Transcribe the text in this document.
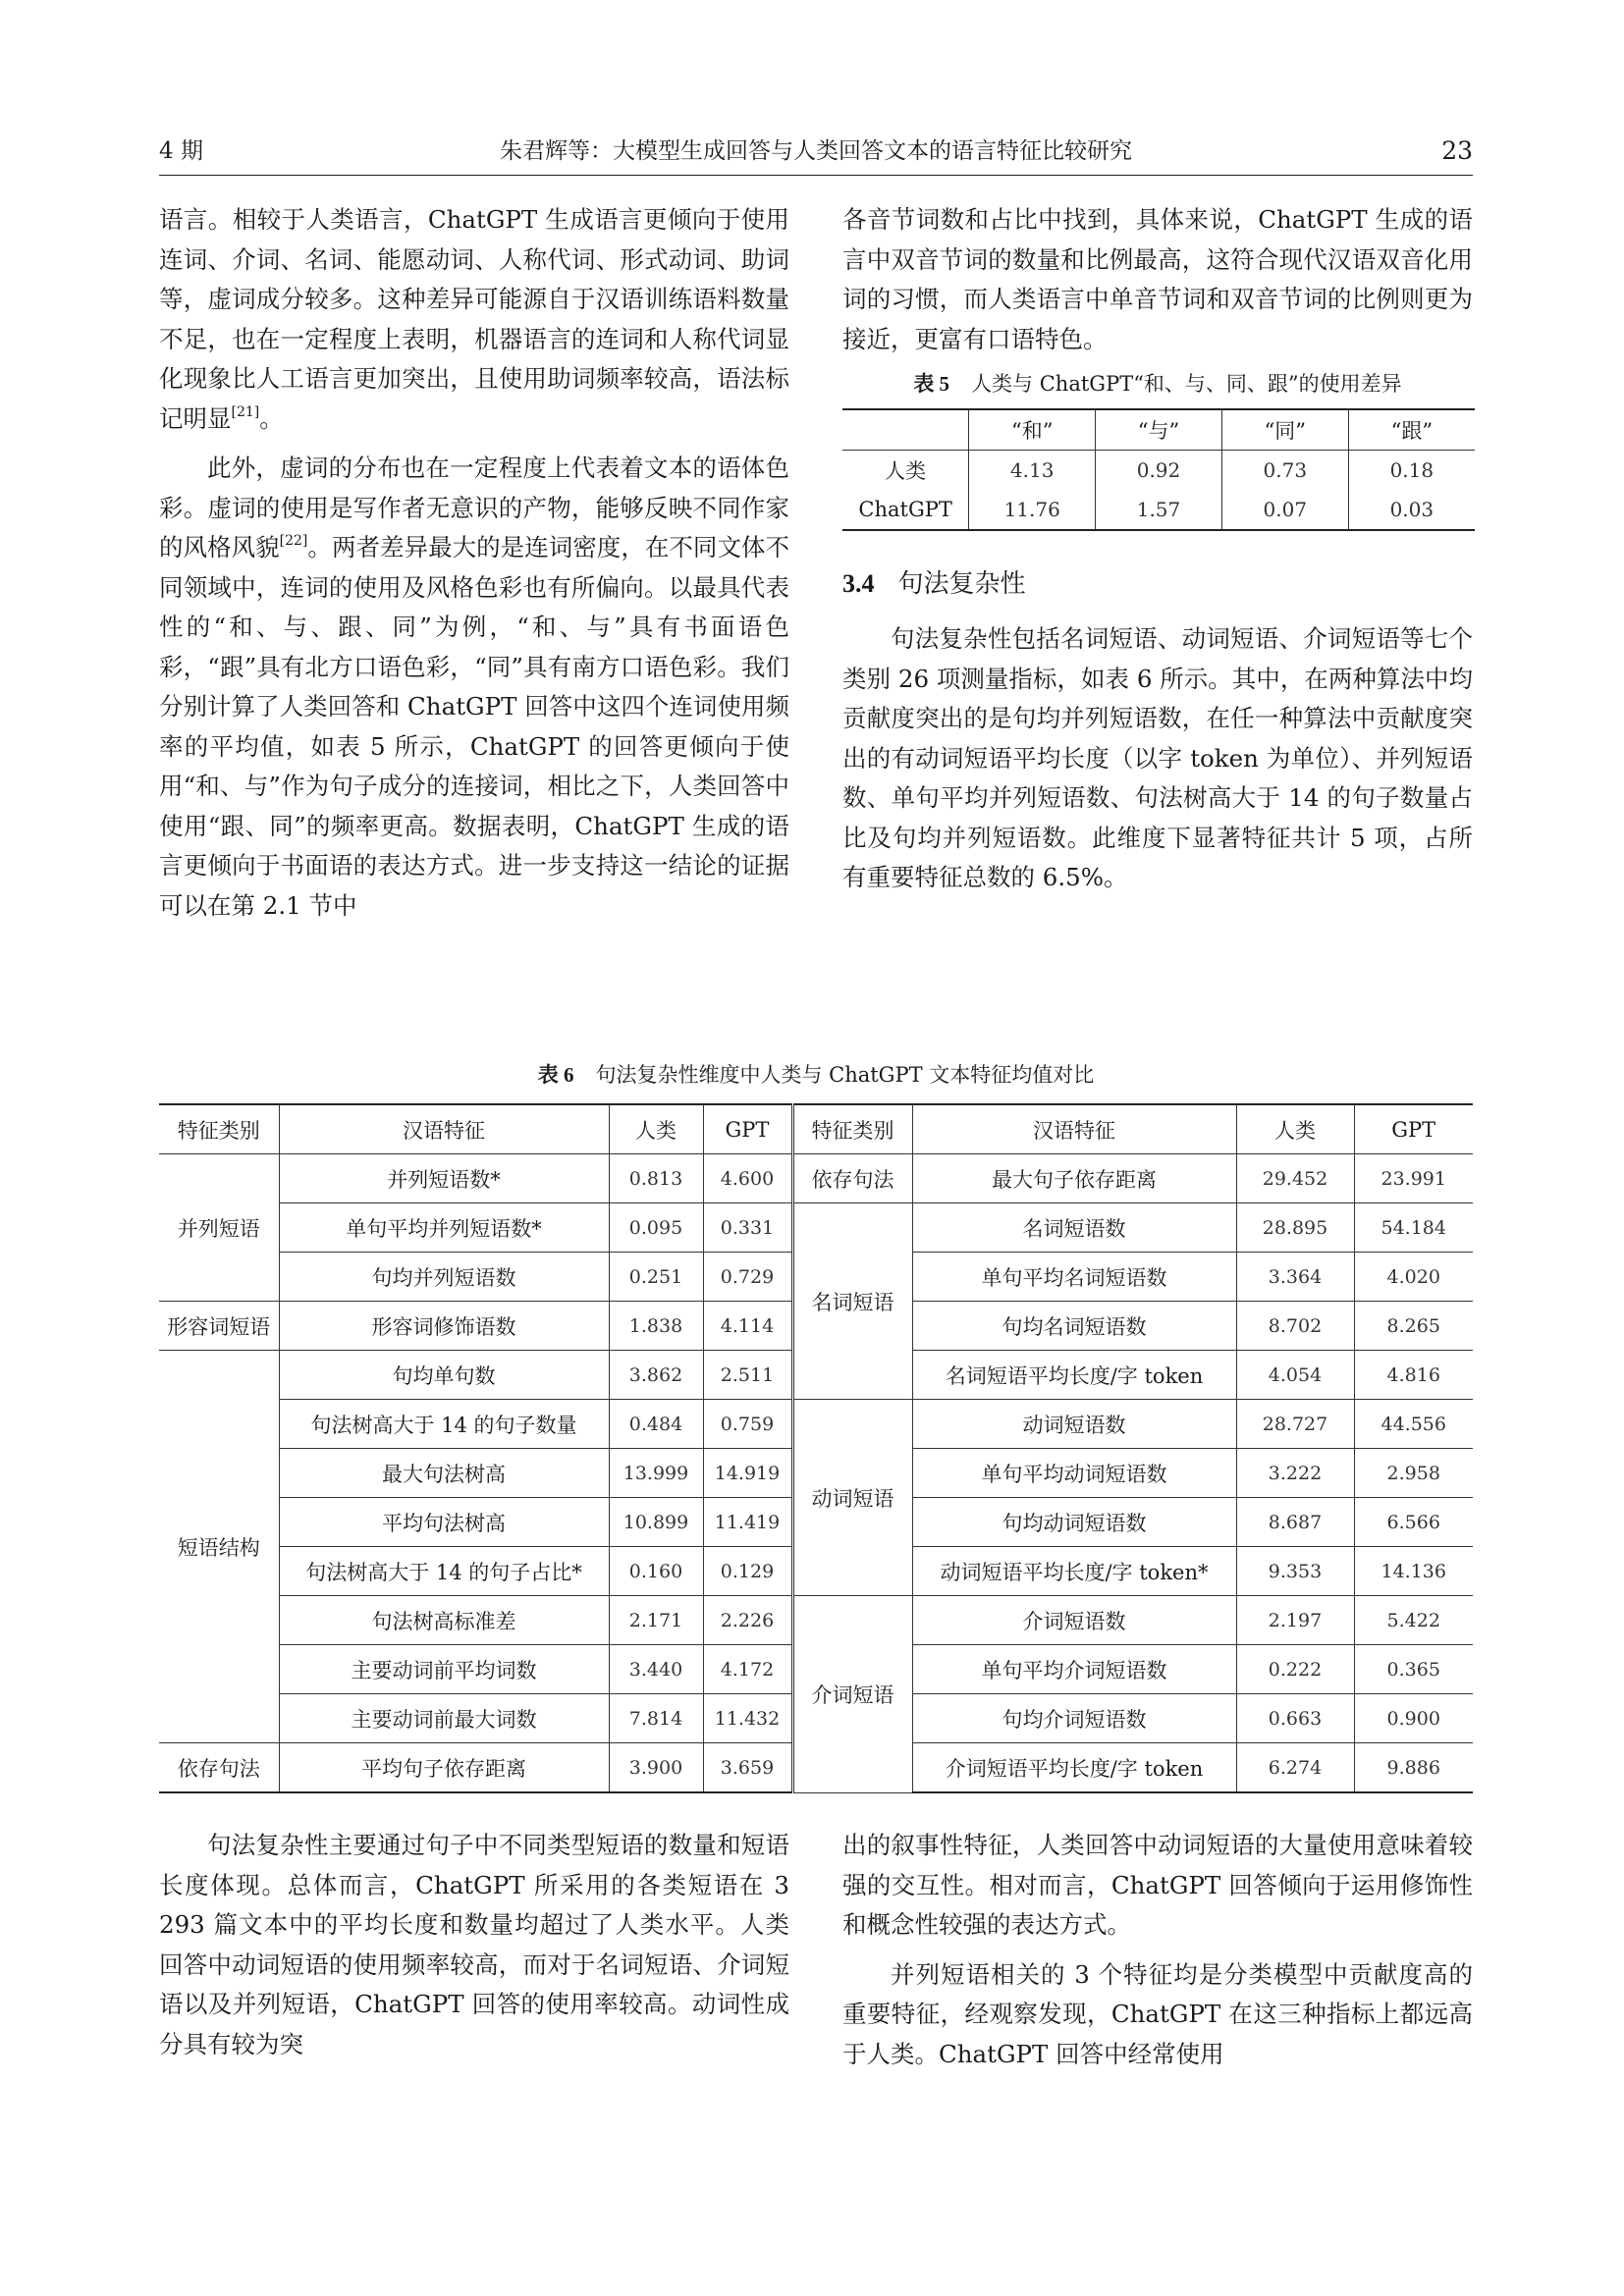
4 期	朱君辉等：大模型生成回答与人类回答文本的语言特征比较研究	23

语言。相较于人类语言，ChatGPT 生成语言更倾向于使用连词、介词、名词、能愿动词、人称代词、形式动词、助词等，虚词成分较多。这种差异可能源自于汉语训练语料数量不足，也在一定程度上表明，机器语言的连词和人称代词显化现象比人工语言更加突出，且使用助词频率较高，语法标记明显[21]。

此外，虚词的分布也在一定程度上代表着文本的语体色彩。虚词的使用是写作者无意识的产物，能够反映不同作家的风格风貌[22]。两者差异最大的是连词密度，在不同文体不同领域中，连词的使用及风格色彩也有所偏向。以最具代表性的“和、与、跟、同”为例，“和、与”具有书面语色彩，“跟”具有北方口语色彩，“同”具有南方口语色彩。我们分别计算了人类回答和 ChatGPT 回答中这四个连词使用频率的平均值，如表 5 所示，ChatGPT 的回答更倾向于使用“和、与”作为句子成分的连接词，相比之下，人类回答中使用“跟、同”的频率更高。数据表明，ChatGPT 生成的语言更倾向于书面语的表达方式。进一步支持这一结论的证据可以在第 2.1 节中

各音节词数和占比中找到，具体来说，ChatGPT 生成的语言中双音节词的数量和比例最高，这符合现代汉语双音化用词的习惯，而人类语言中单音节词和双音节词的比例则更为接近，更富有口语特色。

表 5 人类与 ChatGPT“和、与、同、跟”的使用差异
	“和”	“与”	“同”	“跟”
人类	4.13	0.92	0.73	0.18
ChatGPT	11.76	1.57	0.07	0.03
3.4 句法复杂性

句法复杂性包括名词短语、动词短语、介词短语等七个类别 26 项测量指标，如表 6 所示。其中，在两种算法中均贡献度突出的是句均并列短语数，在任一种算法中贡献度突出的有动词短语平均长度（以字 token 为单位）、并列短语数、单句平均并列短语数、句法树高大于 14 的句子数量占比及句均并列短语数。此维度下显著特征共计 5 项，占所有重要特征总数的 6.5%。

表 6 句法复杂性维度中人类与 ChatGPT 文本特征均值对比
特征类别	汉语特征	人类	GPT	特征类别	汉语特征	人类	GPT
并列短语	并列短语数*	0.813	4.600	依存句法	最大句子依存距离	29.452	23.991
	单句平均并列短语数*	0.095	0.331	名词短语	名词短语数	28.895	54.184
	句均并列短语数	0.251	0.729		单句平均名词短语数	3.364	4.020
形容词短语	形容词修饰语数	1.838	4.114		句均名词短语数	8.702	8.265
短语结构	句均单句数	3.862	2.511		名词短语平均长度/字 token	4.054	4.816
	句法树高大于 14 的句子数量	0.484	0.759	动词短语	动词短语数	28.727	44.556
	最大句法树高	13.999	14.919		单句平均动词短语数	3.222	2.958
	平均句法树高	10.899	11.419		句均动词短语数	8.687	6.566
	句法树高大于 14 的句子占比*	0.160	0.129		动词短语平均长度/字 token*	9.353	14.136
	句法树高标准差	2.171	2.226	介词短语	介词短语数	2.197	5.422
	主要动词前平均词数	3.440	4.172		单句平均介词短语数	0.222	0.365
	主要动词前最大词数	7.814	11.432		句均介词短语数	0.663	0.900
依存句法	平均句子依存距离	3.900	3.659		介词短语平均长度/字 token	6.274	9.886

句法复杂性主要通过句子中不同类型短语的数量和短语长度体现。总体而言，ChatGPT 所采用的各类短语在 3 293 篇文本中的平均长度和数量均超过了人类水平。人类回答中动词短语的使用频率较高，而对于名词短语、介词短语以及并列短语，ChatGPT 回答的使用率较高。动词性成分具有较为突

出的叙事性特征，人类回答中动词短语的大量使用意味着较强的交互性。相对而言，ChatGPT 回答倾向于运用修饰性和概念性较强的表达方式。

并列短语相关的 3 个特征均是分类模型中贡献度高的重要特征，经观察发现，ChatGPT 在这三种指标上都远高于人类。ChatGPT 回答中经常使用
